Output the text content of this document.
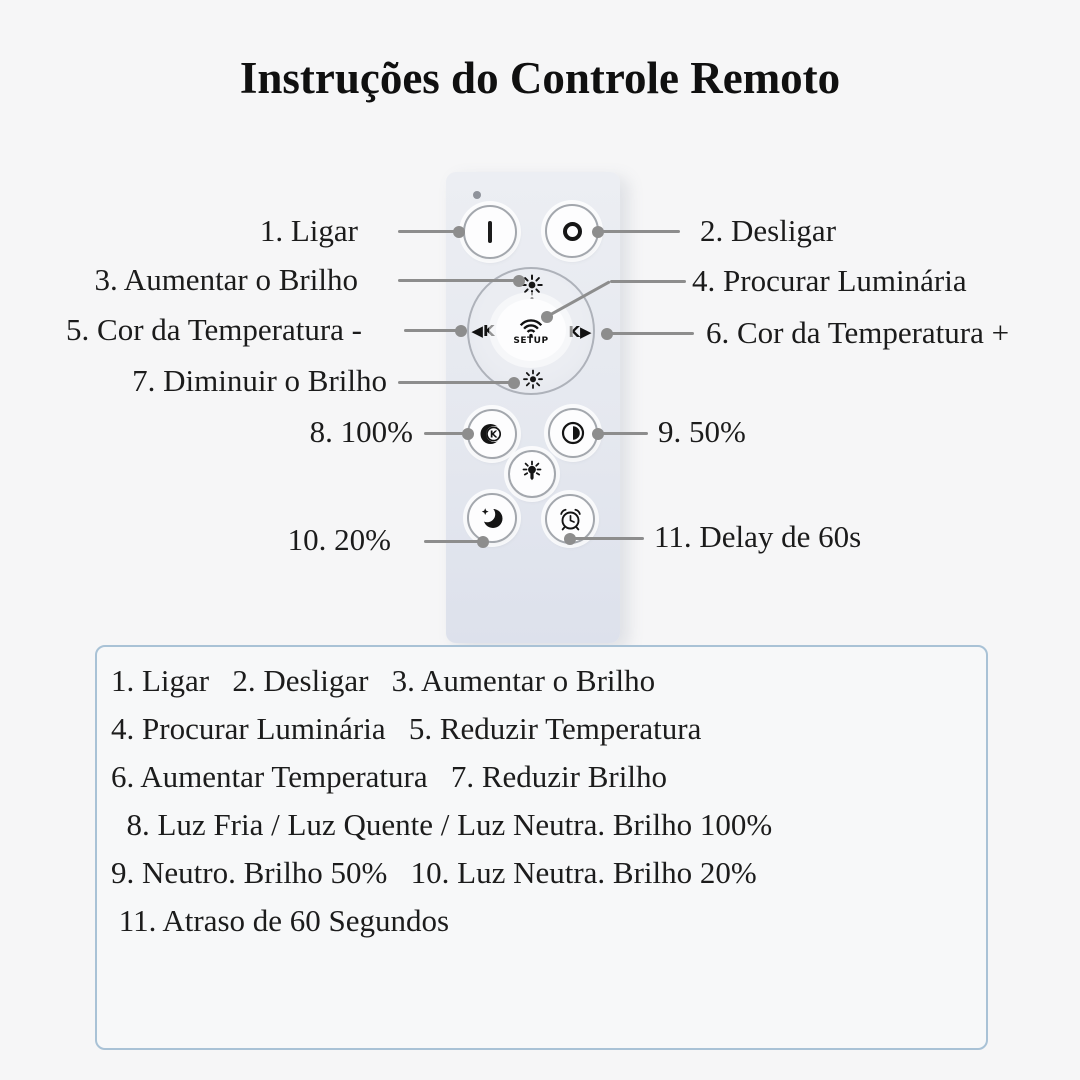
Instruções do Controle Remoto
◀K	K▶
SETUP
K
1. Ligar	2. Desligar
3. Aumentar o Brilho	4. Procurar Luminária
5. Cor da Temperatura -	6. Cor da Temperatura +
7. Diminuir o Brilho
8. 100%	9. 50%
10. 20%	11. Delay de 60s
1. Ligar   2. Desligar   3. Aumentar o Brilho
4. Procurar Luminária   5. Reduzir Temperatura
6. Aumentar Temperatura   7. Reduzir Brilho
8. Luz Fria / Luz Quente / Luz Neutra. Brilho 100%
9. Neutro. Brilho 50%   10. Luz Neutra. Brilho 20%
11. Atraso de 60 Segundos
